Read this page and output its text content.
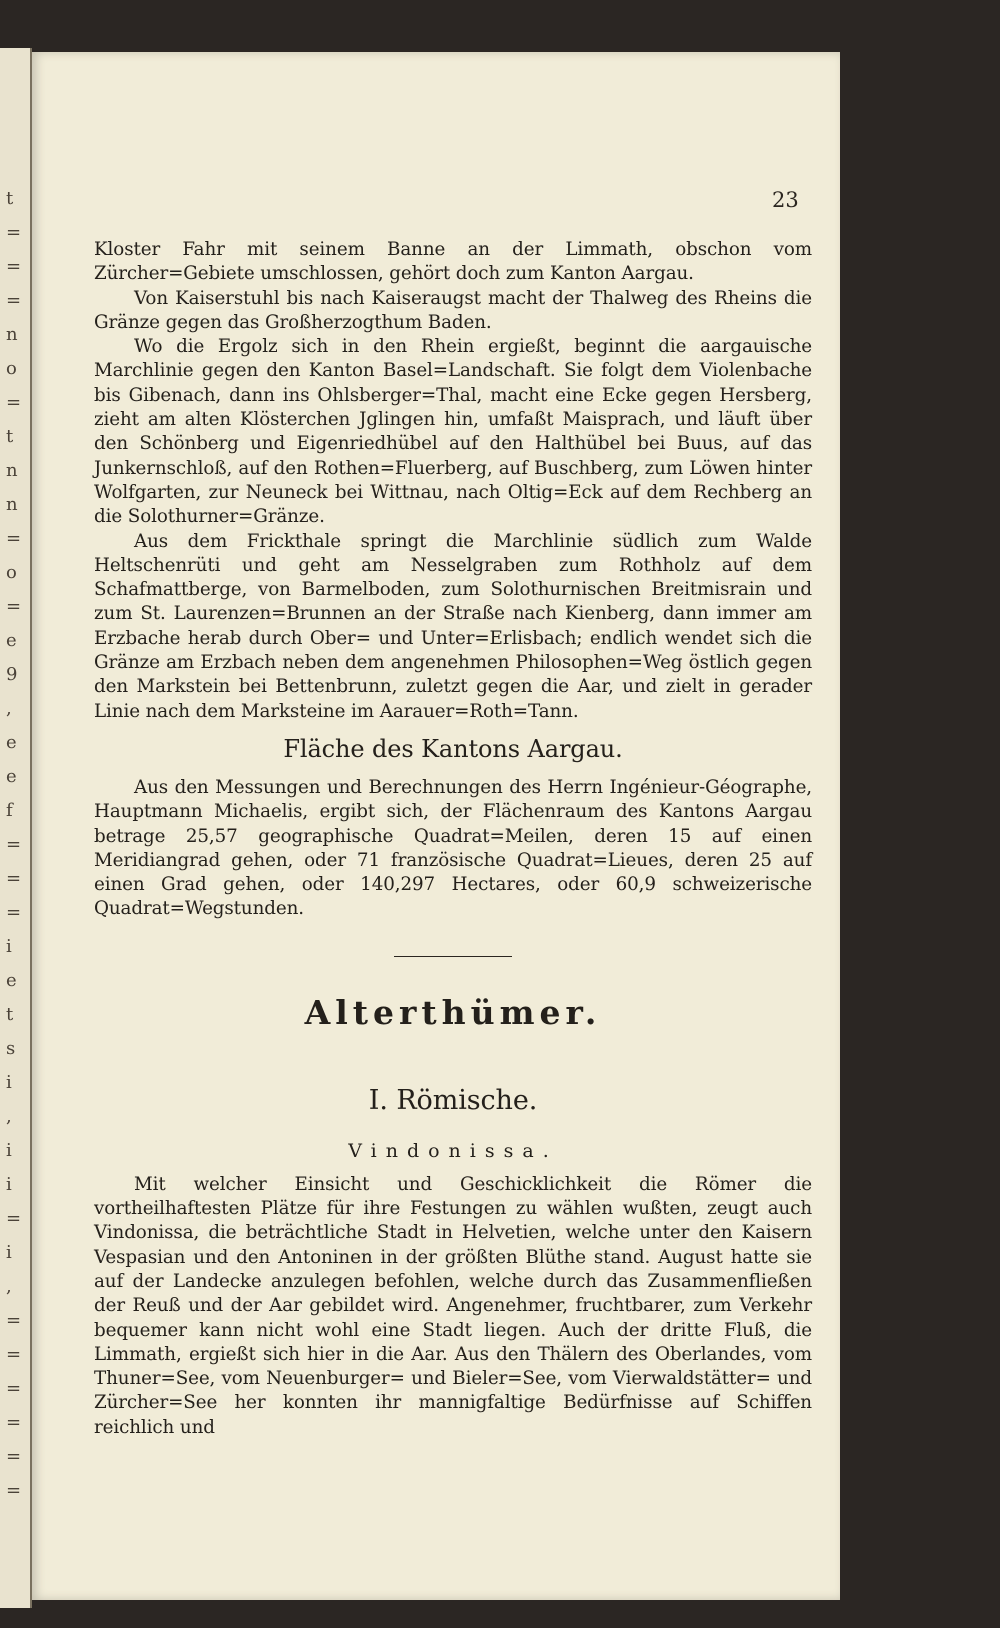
t
=
=
=
n
o
=
t
n
n
=
o
=
e
9
,
e
e
f
=
=
=
i
e
t
s
i
,
i
i
=
i
,
=
=
=
=
=
=
23

Kloster Fahr mit seinem Banne an der Limmath, obschon vom Zürcher=Gebiete umschlossen, gehört doch zum Kanton Aargau.

Von Kaiserstuhl bis nach Kaiseraugst macht der Thalweg des Rheins die Gränze gegen das Großherzogthum Baden.

Wo die Ergolz sich in den Rhein ergießt, beginnt die aargauische Marchlinie gegen den Kanton Basel=Landschaft. Sie folgt dem Violenbache bis Gibenach, dann ins Ohlsberger=Thal, macht eine Ecke gegen Hersberg, zieht am alten Klösterchen Jglingen hin, umfaßt Maisprach, und läuft über den Schönberg und Eigenriedhübel auf den Halthübel bei Buus, auf das Junkernschloß, auf den Rothen=Fluerberg, auf Buschberg, zum Löwen hinter Wolfgarten, zur Neuneck bei Wittnau, nach Oltig=Eck auf dem Rechberg an die Solothurner=Gränze.

Aus dem Frickthale springt die Marchlinie südlich zum Walde Heltschenrüti und geht am Nesselgraben zum Rothholz auf dem Schafmattberge, von Barmelboden, zum Solothurnischen Breitmisrain und zum St. Laurenzen=Brunnen an der Straße nach Kienberg, dann immer am Erzbache herab durch Ober= und Unter=Erlisbach; endlich wendet sich die Gränze am Erzbach neben dem angenehmen Philosophen=Weg östlich gegen den Markstein bei Bettenbrunn, zuletzt gegen die Aar, und zielt in gerader Linie nach dem Marksteine im Aarauer=Roth=Tann.

Fläche des Kantons Aargau.

Aus den Messungen und Berechnungen des Herrn Ingénieur-Géographe, Hauptmann Michaelis, ergibt sich, der Flächenraum des Kantons Aargau betrage 25,57 geographische Quadrat=Meilen, deren 15 auf einen Meridiangrad gehen, oder 71 französische Quadrat=Lieues, deren 25 auf einen Grad gehen, oder 140,297 Hectares, oder 60,9 schweizerische Quadrat=Wegstunden.

Alterthümer.
I. Römische.
Vindonissa.

Mit welcher Einsicht und Geschicklichkeit die Römer die vortheilhaftesten Plätze für ihre Festungen zu wählen wußten, zeugt auch Vindonissa, die beträchtliche Stadt in Helvetien, welche unter den Kaisern Vespasian und den Antoninen in der größten Blüthe stand. August hatte sie auf der Landecke anzulegen befohlen, welche durch das Zusammenfließen der Reuß und der Aar gebildet wird. Angenehmer, fruchtbarer, zum Verkehr bequemer kann nicht wohl eine Stadt liegen. Auch der dritte Fluß, die Limmath, ergießt sich hier in die Aar. Aus den Thälern des Oberlandes, vom Thuner=See, vom Neuenburger= und Bieler=See, vom Vierwaldstätter= und Zürcher=See her konnten ihr mannigfaltige Bedürfnisse auf Schiffen reichlich und
